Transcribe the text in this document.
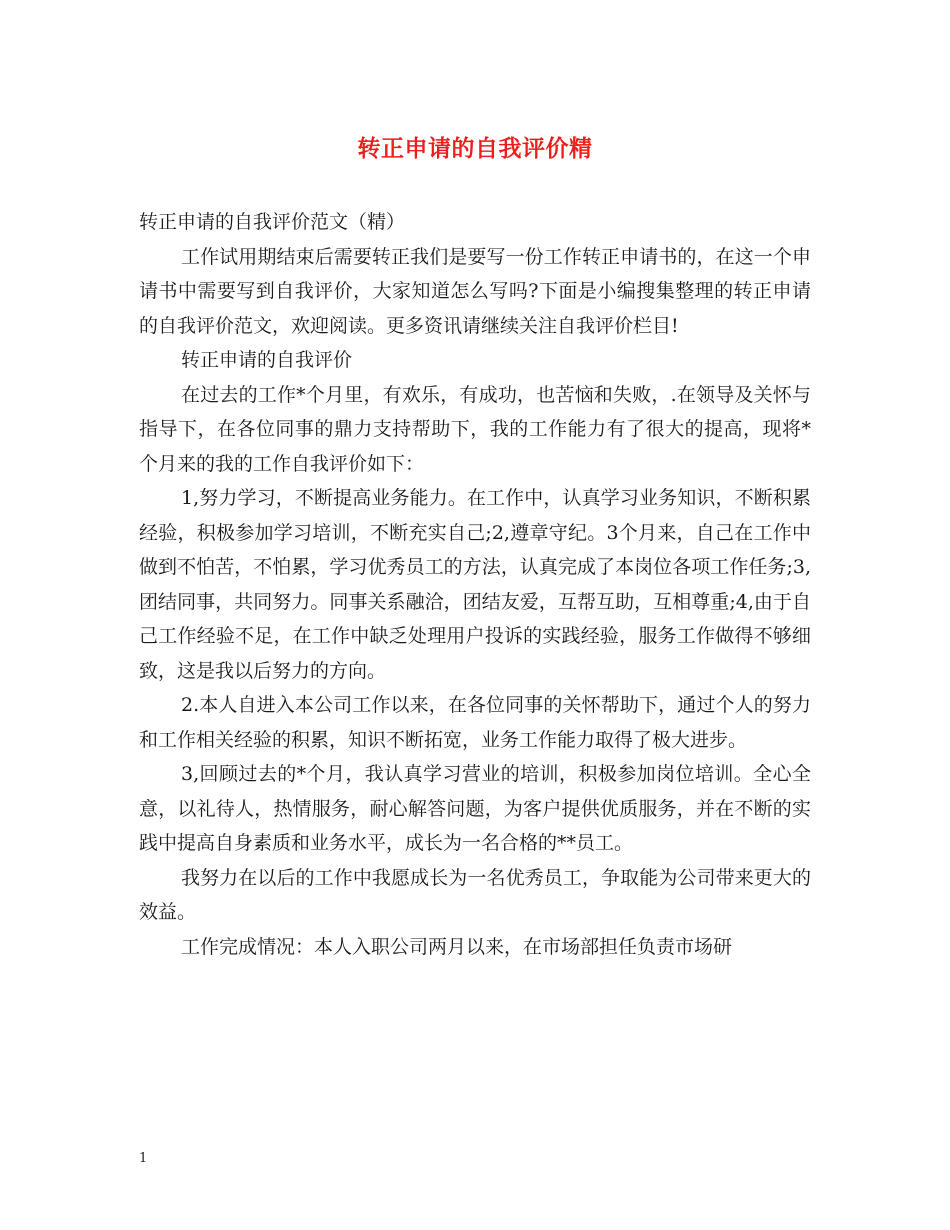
转正申请的自我评价精

转正申请的自我评价范文（精）

工作试用期结束后需要转正我们是要写一份工作转正申请书的，在这一个申请书中需要写到自我评价，大家知道怎么写吗?下面是小编搜集整理的转正申请的自我评价范文，欢迎阅读。更多资讯请继续关注自我评价栏目!

转正申请的自我评价

在过去的工作*个月里，有欢乐，有成功，也苦恼和失败，.在领导及关怀与指导下，在各位同事的鼎力支持帮助下，我的工作能力有了很大的提高，现将*个月来的我的工作自我评价如下：

1,努力学习，不断提高业务能力。在工作中，认真学习业务知识，不断积累经验，积极参加学习培训，不断充实自己;2,遵章守纪。3个月来，自己在工作中做到不怕苦，不怕累，学习优秀员工的方法，认真完成了本岗位各项工作任务;3,团结同事，共同努力。同事关系融洽，团结友爱，互帮互助，互相尊重;4,由于自己工作经验不足，在工作中缺乏处理用户投诉的实践经验，服务工作做得不够细致，这是我以后努力的方向。

2.本人自进入本公司工作以来，在各位同事的关怀帮助下，通过个人的努力和工作相关经验的积累，知识不断拓宽，业务工作能力取得了极大进步。

3,回顾过去的*个月，我认真学习营业的培训，积极参加岗位培训。全心全意，以礼待人，热情服务，耐心解答问题，为客户提供优质服务，并在不断的实践中提高自身素质和业务水平，成长为一名合格的**员工。

我努力在以后的工作中我愿成长为一名优秀员工，争取能为公司带来更大的效益。

工作完成情况：本人入职公司两月以来，在市场部担任负责市场研

1
